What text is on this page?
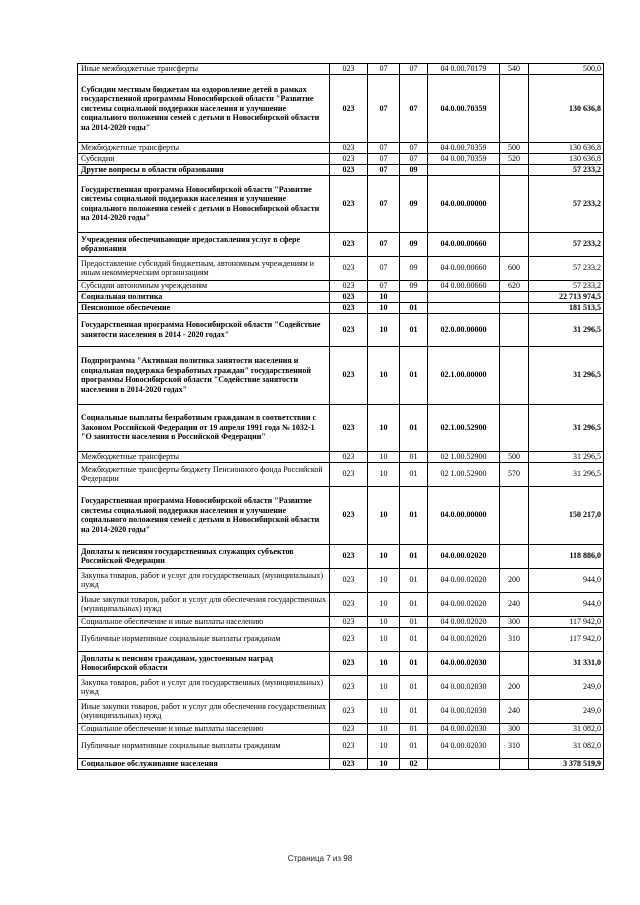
Иные межбюджетные трансферты	023	07	07	04 0.00.70179	540	500,0
Субсидии местным бюджетам на оздоровление детей в рамках государственной программы Новосибирской области "Развитие системы социальной поддержки населения и улучшение социального положения семей с детьми в Новосибирской области на 2014-2020 годы"	023	07	07	04.0.00.70359		130 636,8
Межбюджетные трансферты	023	07	07	04 0.00.70359	500	130 636,8
Субсидии	023	07	07	04 0.00.70359	520	130 636,8
Другие вопросы в области образования	023	07	09			57 233,2
Государственная программа Новосибирской области "Развитие системы социальной поддержки населения и улучшение социального положения семей с детьми в Новосибирской области на 2014-2020 годы"	023	07	09	04.0.00.00000		57 233,2
Учреждения обеспечивающие предоставления услуг в сфере образования	023	07	09	04.0.00.00660		57 233,2
Предоставление субсидий бюджетным, автономным учреждениям и иным некоммерческим организациям	023	07	09	04 0.00.00660	600	57 233,2
Субсидии автономным учреждениям	023	07	09	04 0.00.00660	620	57 233,2
Социальная политика	023	10				22 713 974,5
Пенсионное обеспечение	023	10	01			181 513,5
Государственная программа Новосибирской области "Содействие занятости населения в 2014 - 2020 годах"	023	10	01	02.0.00.00000		31 296,5
Подпрограмма "Активная политика занятости населения и социальная поддержка безработных граждан" государственной программы Новосибирской области "Содействие занятости населения в 2014-2020 годах"	023	10	01	02.1.00.00000		31 296,5
Социальные выплаты безработным гражданам в соответствии с Законом Российской Федерации от 19 апреля 1991 года № 1032-1 "О занятости населения в Российской Федерации"	023	10	01	02.1.00.52900		31 296,5
Межбюджетные трансферты	023	10	01	02 1.00.52900	500	31 296,5
Межбюджетные трансферты бюджету Пенсионного фонда Российской Федерации	023	10	01	02 1.00.52900	570	31 296,5
Государственная программа Новосибирской области "Развитие системы социальной поддержки населения и улучшение социального положения семей с детьми в Новосибирской области на 2014-2020 годы"	023	10	01	04.0.00.00000		150 217,0
Доплаты к пенсиям государственных служащих субъектов Российской Федерации	023	10	01	04.0.00.02020		118 886,0
Закупка товаров, работ и услуг для государственных (муниципальных) нужд	023	10	01	04 0.00.02020	200	944,0
Иные закупки товаров, работ и услуг для обеспечения государственных (муниципальных) нужд	023	10	01	04 0.00.02020	240	944,0
Социальное обеспечение и иные выплаты населению	023	10	01	04 0.00.02020	300	117 942,0
Публичные нормативные социальные выплаты гражданам	023	10	01	04 0.00.02020	310	117 942,0
Доплаты к пенсиям гражданам, удостоенным наград Новосибирской области	023	10	01	04.0.00.02030		31 331,0
Закупка товаров, работ и услуг для государственных (муниципальных) нужд	023	10	01	04 0.00.02030	200	249,0
Иные закупки товаров, работ и услуг для обеспечения государственных (муниципальных) нужд	023	10	01	04 0.00.02030	240	249,0
Социальное обеспечение и иные выплаты населению	023	10	01	04 0.00.02030	300	31 082,0
Публичные нормативные социальные выплаты гражданам	023	10	01	04 0.00.02030	310	31 082,0
Социальное обслуживание населения	023	10	02			3 378 519,9
Страница 7 из 98
